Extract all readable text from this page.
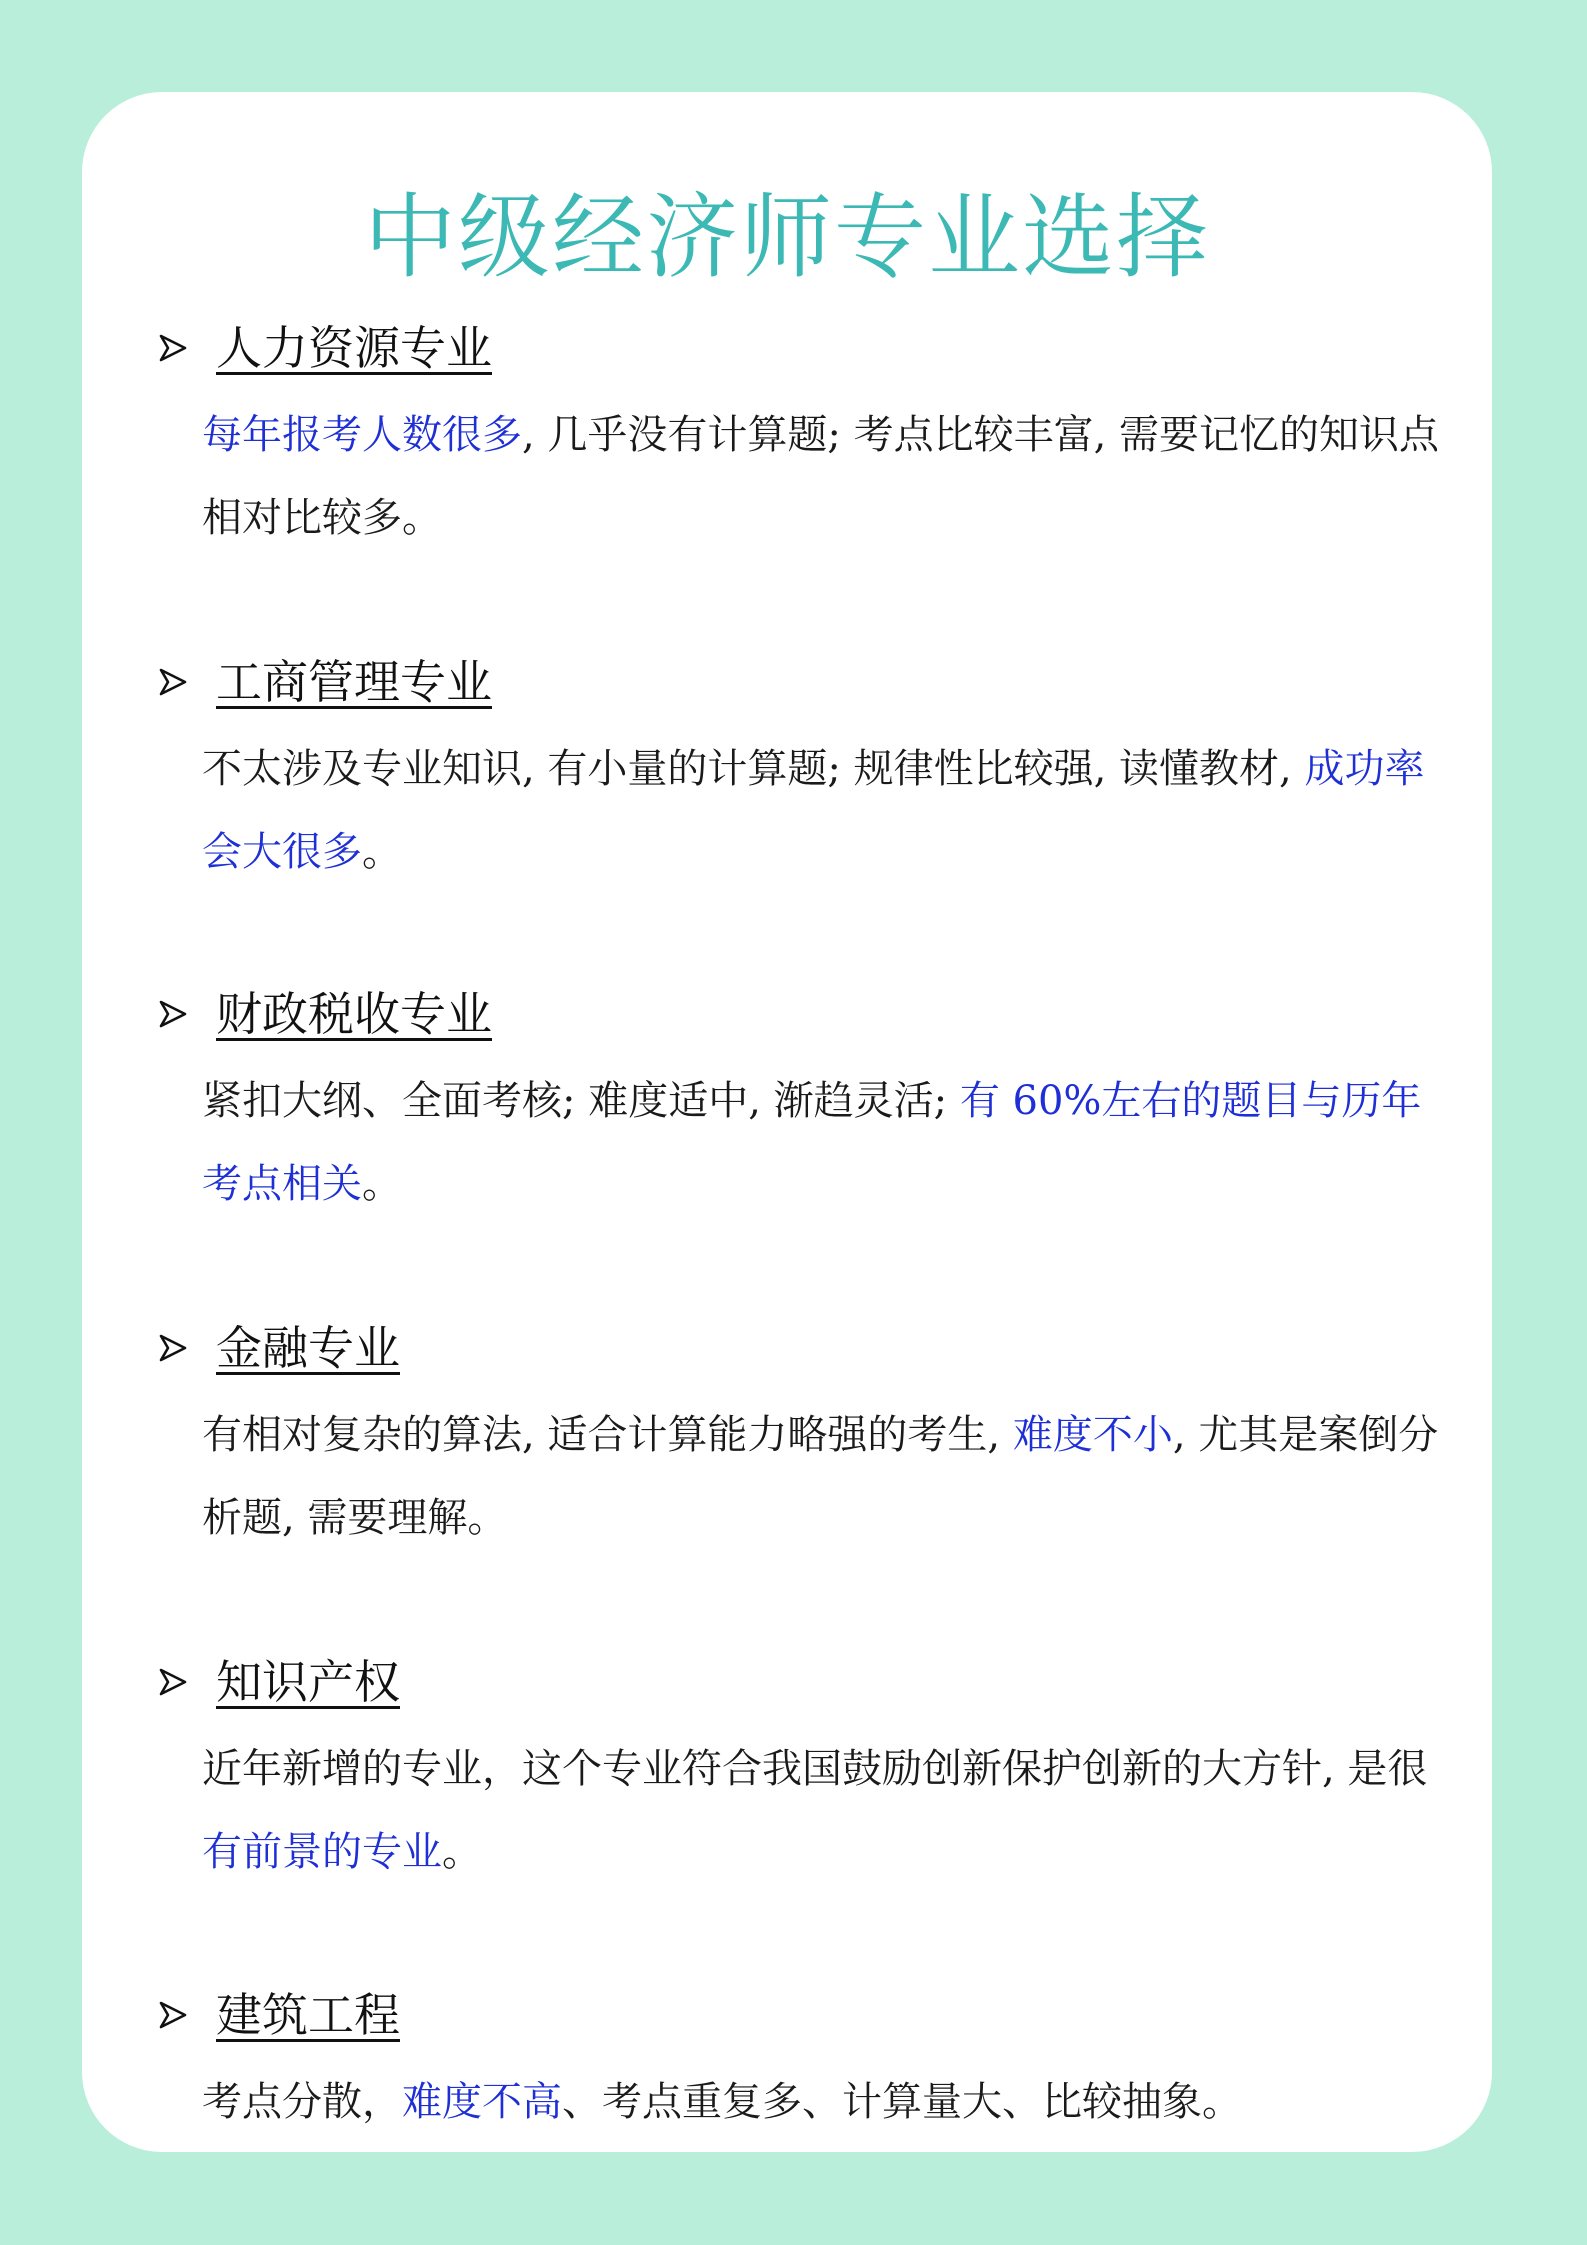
中级经济师专业选择
人力资源专业
每年报考人数很多, 几乎没有计算题; 考点比较丰富, 需要记忆的知识点相对比较多。
工商管理专业
不太涉及专业知识, 有小量的计算题; 规律性比较强, 读懂教材, 成功率会大很多。
财政税收专业
紧扣大纲、全面考核; 难度适中, 渐趋灵活; 有 60%左右的题目与历年考点相关。
金融专业
有相对复杂的算法, 适合计算能力略强的考生, 难度不小, 尤其是案倒分析题, 需要理解。
知识产权
近年新增的专业，这个专业符合我国鼓励创新保护创新的大方针, 是很有前景的专业。
建筑工程
考点分散，难度不高、考点重复多、计算量大、比较抽象。
